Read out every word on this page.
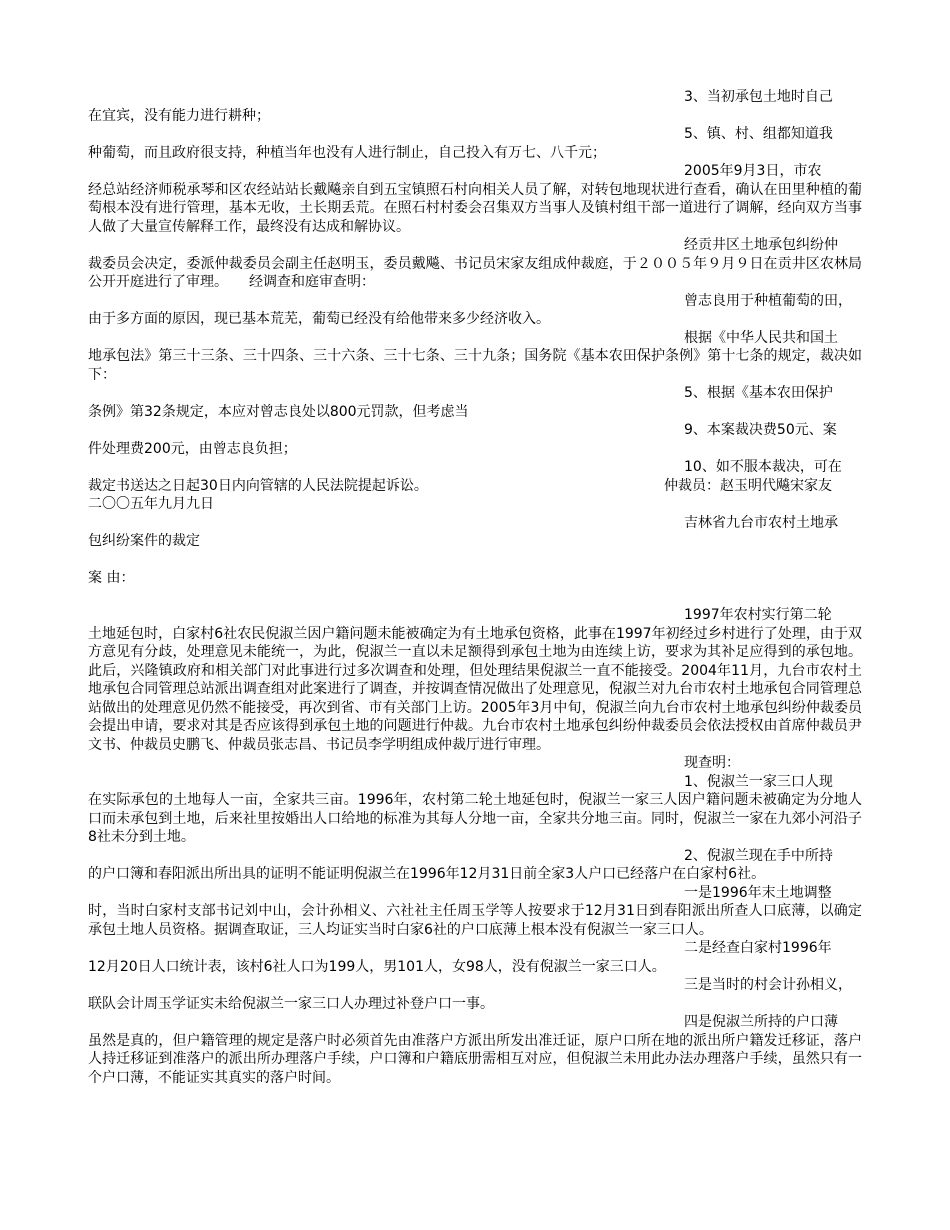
3、当初承包土地时自己
在宜宾，没有能力进行耕种；

5、镇、村、组都知道我
种葡萄，而且政府很支持，种植当年也没有人进行制止，自己投入有万七、八千元；

2005年9月3日，市农
经总站经济师税承琴和区农经站站长戴飚亲自到五宝镇照石村向相关人员了解，对转包地现状进行查看，确认在田里种植的葡萄根本没有进行管理，基本无收，土长期丢荒。在照石村村委会召集双方当事人及镇村组干部一道进行了调解，经向双方当事人做了大量宣传解释工作，最终没有达成和解协议。

经贡井区土地承包纠纷仲
裁委员会决定，委派仲裁委员会副主任赵明玉，委员戴飚、书记员宋家友组成仲裁庭，于２００５年９月９日在贡井区农林局公开开庭进行了审理。　　经调查和庭审查明：

曾志良用于种植葡萄的田，
由于多方面的原因，现已基本荒芜，葡萄已经没有给他带来多少经济收入。

根据《中华人民共和国土
地承包法》第三十三条、三十四条、三十六条、三十七条、三十九条；国务院《基本农田保护条例》第十七条的规定，裁决如下：

5、根据《基本农田保护
条例》第32条规定，本应对曾志良处以800元罚款，但考虑当

9、本案裁决费50元、案
件处理费200元，由曾志良负担；

10、如不服本裁决，可在
裁定书送达之日起30日内向管辖的人民法院提起诉讼。	仲裁员：赵玉明代飚宋家友

二〇〇五年九月九日

吉林省九台市农村土地承
包纠纷案件的裁定

案 由：

1997年农村实行第二轮
土地延包时，白家村6社农民倪淑兰因户籍问题未能被确定为有土地承包资格，此事在1997年初经过乡村进行了处理，由于双方意见有分歧，处理意见未能统一，为此，倪淑兰一直以未足额得到承包土地为由连续上访，要求为其补足应得到的承包地。此后，兴隆镇政府和相关部门对此事进行过多次调查和处理，但处理结果倪淑兰一直不能接受。2004年11月，九台市农村土地承包合同管理总站派出调查组对此案进行了调查，并按调查情况做出了处理意见，倪淑兰对九台市农村土地承包合同管理总站做出的处理意见仍然不能接受，再次到省、市有关部门上访。2005年3月中旬，倪淑兰向九台市农村土地承包纠纷仲裁委员会提出申请，要求对其是否应该得到承包土地的问题进行仲裁。九台市农村土地承包纠纷仲裁委员会依法授权由首席仲裁员尹文书、仲裁员史鹏飞、仲裁员张志昌、书记员李学明组成仲裁厅进行审理。

现查明：

1、倪淑兰一家三口人现
在实际承包的土地每人一亩，全家共三亩。1996年，农村第二轮土地延包时，倪淑兰一家三人因户籍问题未被确定为分地人口而未承包到土地，后来社里按婚出人口给地的标准为其每人分地一亩，全家共分地三亩。同时，倪淑兰一家在九郊小河沿子8社未分到土地。

2、倪淑兰现在手中所持
的户口簿和春阳派出所出具的证明不能证明倪淑兰在1996年12月31日前全家3人户口已经落户在白家村6社。

一是1996年末土地调整
时，当时白家村支部书记刘中山，会计孙相义、六社社主任周玉学等人按要求于12月31日到春阳派出所查人口底薄，以确定承包土地人员资格。据调查取证，三人均证实当时白家6社的户口底薄上根本没有倪淑兰一家三口人。

二是经查白家村1996年
12月20日人口统计表，该村6社人口为199人，男101人，女98人，没有倪淑兰一家三口人。

三是当时的村会计孙相义，
联队会计周玉学证实未给倪淑兰一家三口人办理过补登户口一事。

四是倪淑兰所持的户口薄
虽然是真的，但户籍管理的规定是落户时必须首先由准落户方派出所发出准迁证，原户口所在地的派出所户籍发迁移证，落户人持迁移证到准落户的派出所办理落户手续，户口簿和户籍底册需相互对应，但倪淑兰未用此办法办理落户手续，虽然只有一个户口薄，不能证实其真实的落户时间。
